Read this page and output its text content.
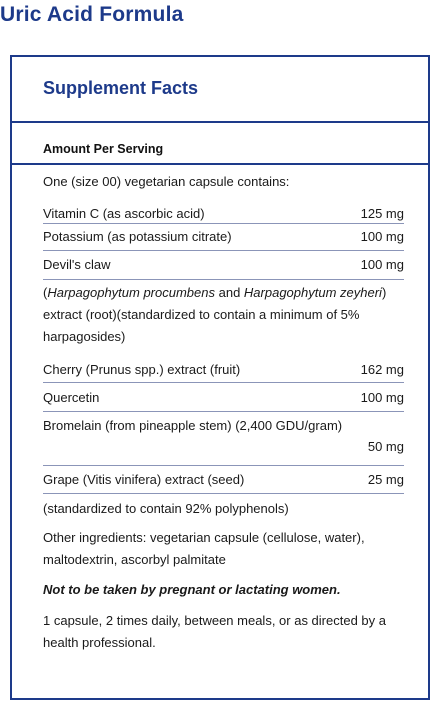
Uric Acid Formula
Supplement Facts
Amount Per Serving
One (size 00) vegetarian capsule contains:
Vitamin C (as ascorbic acid)	125 mg
Potassium (as potassium citrate)	100 mg
Devil's claw	100 mg
(Harpagophytum procumbens and Harpagophytum zeyheri) extract (root)(standardized to contain a minimum of 5% harpagosides)
Cherry (Prunus spp.) extract (fruit)	162 mg
Quercetin	100 mg
Bromelain (from pineapple stem) (2,400 GDU/gram)
50 mg
Grape (Vitis vinifera) extract (seed)	25 mg
(standardized to contain 92% polyphenols)
Other ingredients: vegetarian capsule (cellulose, water), maltodextrin, ascorbyl palmitate
Not to be taken by pregnant or lactating women.
1 capsule, 2 times daily, between meals, or as directed by a health professional.
